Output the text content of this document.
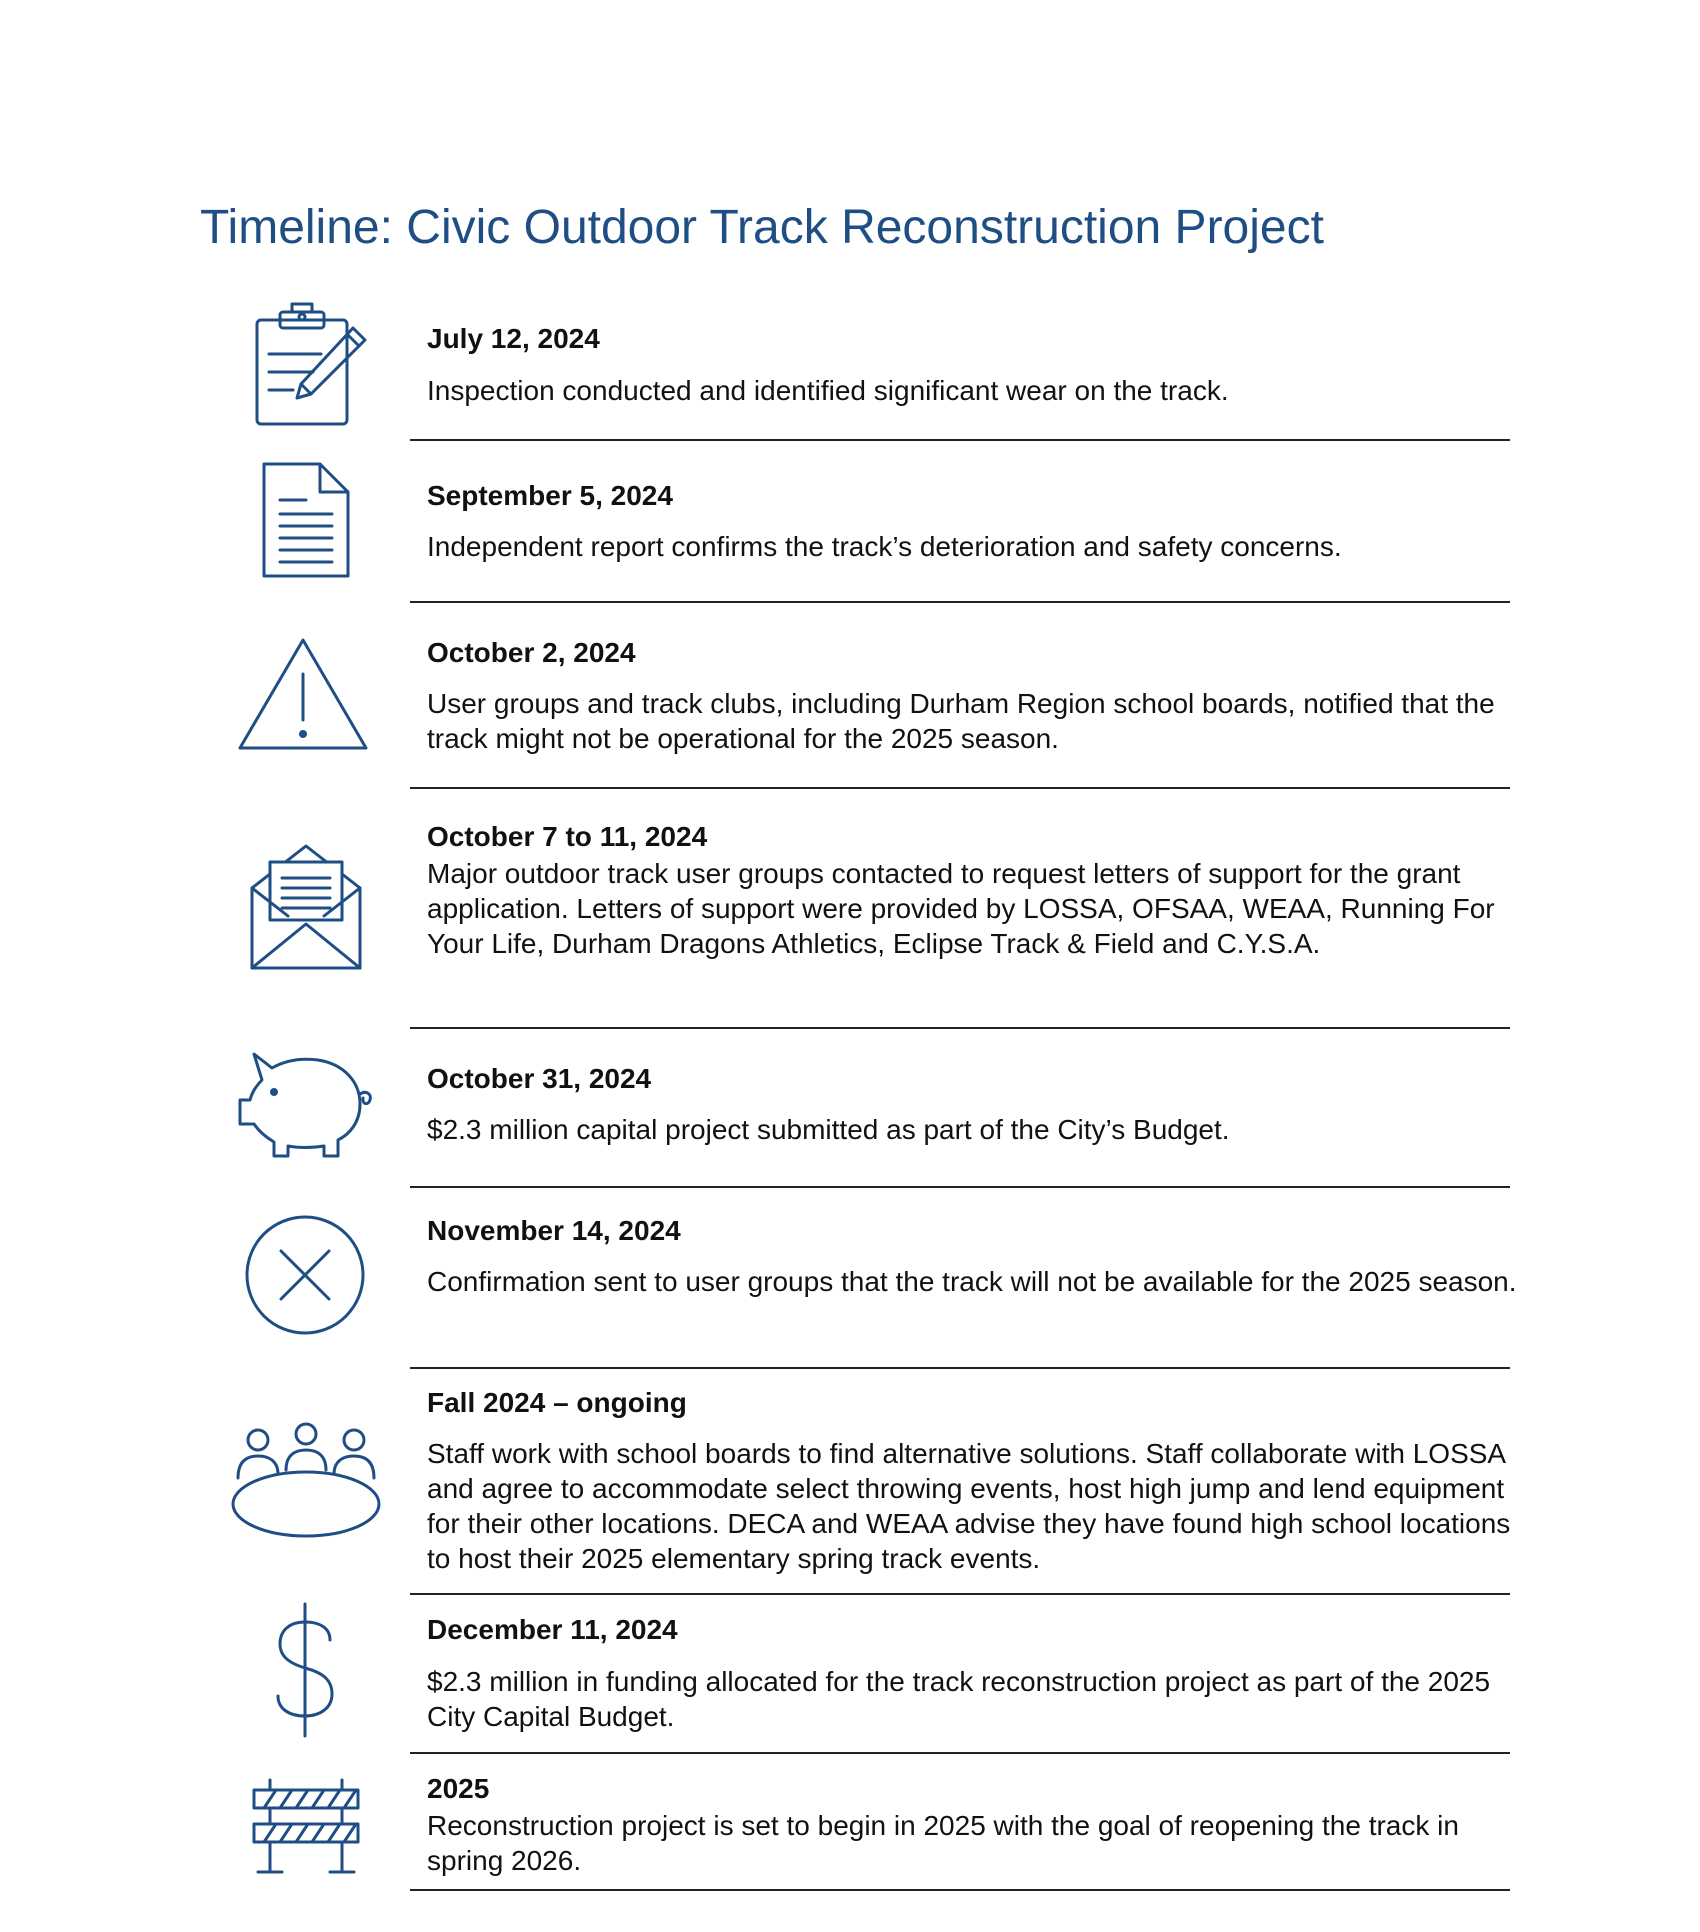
Timeline: Civic Outdoor Track Reconstruction Project

July 12, 2024

Inspection conducted and identified significant wear on the track.

September 5, 2024

Independent report confirms the track’s deterioration and safety concerns.

October 2, 2024

User groups and track clubs, including Durham Region school boards, notified that the track might not be operational for the 2025 season.

October 7 to 11, 2024

Major outdoor track user groups contacted to request letters of support for the grant application. Letters of support were provided by LOSSA, OFSAA, WEAA, Running For Your Life, Durham Dragons Athletics, Eclipse Track & Field and C.Y.S.A.

October 31, 2024

$2.3 million capital project submitted as part of the City’s Budget.

November 14, 2024

Confirmation sent to user groups that the track will not be available for the 2025 season.

Fall 2024 – ongoing

Staff work with school boards to find alternative solutions. Staff collaborate with LOSSA and agree to accommodate select throwing events, host high jump and lend equipment for their other locations. DECA and WEAA advise they have found high school locations to host their 2025 elementary spring track events.

December 11, 2024

$2.3 million in funding allocated for the track reconstruction project as part of the 2025 City Capital Budget.

2025

Reconstruction project is set to begin in 2025 with the goal of reopening the track in spring 2026.
